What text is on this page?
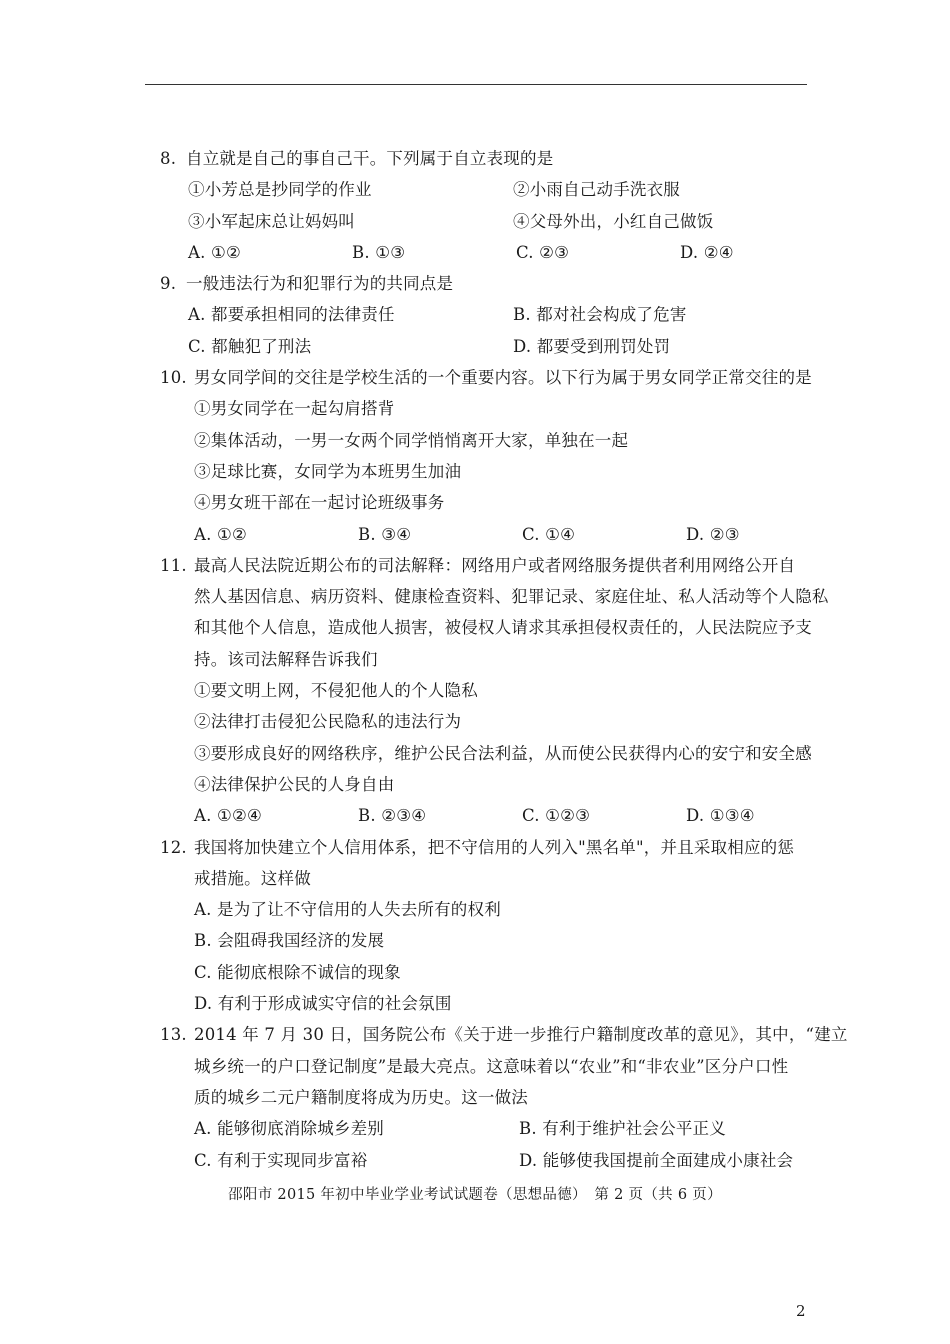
8. 自立就是自己的事自己干。下列属于自立表现的是
①小芳总是抄同学的作业	②小雨自己动手洗衣服
③小军起床总让妈妈叫	④父母外出，小红自己做饭
A. ①②	B. ①③	C. ②③	D. ②④
9. 一般违法行为和犯罪行为的共同点是
A. 都要承担相同的法律责任	B. 都对社会构成了危害
C. 都触犯了刑法	D. 都要受到刑罚处罚
10. 男女同学间的交往是学校生活的一个重要内容。以下行为属于男女同学正常交往的是
①男女同学在一起勾肩搭背
②集体活动，一男一女两个同学悄悄离开大家，单独在一起
③足球比赛，女同学为本班男生加油
④男女班干部在一起讨论班级事务
A. ①②	B. ③④	C. ①④	D. ②③
11. 最高人民法院近期公布的司法解释：网络用户或者网络服务提供者利用网络公开自
然人基因信息、病历资料、健康检查资料、犯罪记录、家庭住址、私人活动等个人隐私
和其他个人信息，造成他人损害，被侵权人请求其承担侵权责任的，人民法院应予支
持。该司法解释告诉我们
①要文明上网，不侵犯他人的个人隐私
②法律打击侵犯公民隐私的违法行为
③要形成良好的网络秩序，维护公民合法利益，从而使公民获得内心的安宁和安全感
④法律保护公民的人身自由
A. ①②④	B. ②③④	C. ①②③	D. ①③④
12. 我国将加快建立个人信用体系，把不守信用的人列入"黑名单"，并且采取相应的惩
戒措施。这样做
A. 是为了让不守信用的人失去所有的权利
B. 会阻碍我国经济的发展
C. 能彻底根除不诚信的现象
D. 有利于形成诚实守信的社会氛围
13. 2014 年 7 月 30 日，国务院公布《关于进一步推行户籍制度改革的意见》，其中，“建立
城乡统一的户口登记制度”是最大亮点。这意味着以“农业”和“非农业”区分户口性
质的城乡二元户籍制度将成为历史。这一做法
A. 能够彻底消除城乡差别	B. 有利于维护社会公平正义
C. 有利于实现同步富裕	D. 能够使我国提前全面建成小康社会
邵阳市 2015 年初中毕业学业考试试题卷（思想品德）　第 2 页（共 6 页）
2
